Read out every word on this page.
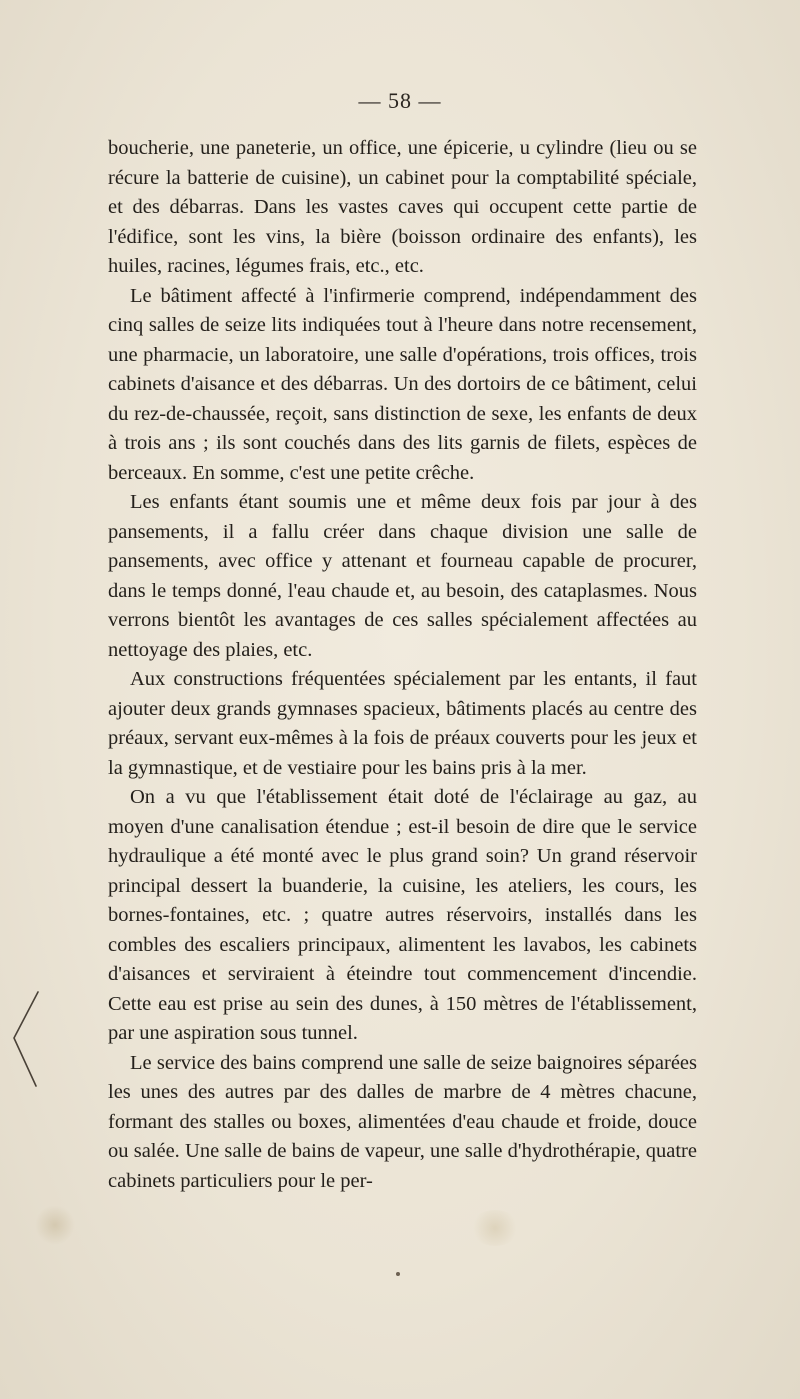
— 58 —

boucherie, une paneterie, un office, une épicerie, u cylindre (lieu ou se récure la batterie de cuisine), un cabinet pour la comptabilité spéciale, et des débarras. Dans les vastes caves qui occupent cette partie de l'édifice, sont les vins, la bière (boisson ordinaire des enfants), les huiles, racines, légumes frais, etc., etc.

Le bâtiment affecté à l'infirmerie comprend, indépendamment des cinq salles de seize lits indiquées tout à l'heure dans notre recensement, une pharmacie, un laboratoire, une salle d'opérations, trois offices, trois cabinets d'aisance et des débarras. Un des dortoirs de ce bâtiment, celui du rez-de-chaussée, reçoit, sans distinction de sexe, les enfants de deux à trois ans ; ils sont couchés dans des lits garnis de filets, espèces de berceaux. En somme, c'est une petite crêche.

Les enfants étant soumis une et même deux fois par jour à des pansements, il a fallu créer dans chaque division une salle de pansements, avec office y attenant et fourneau capable de procurer, dans le temps donné, l'eau chaude et, au besoin, des cataplasmes. Nous verrons bientôt les avantages de ces salles spécialement affectées au nettoyage des plaies, etc.

Aux constructions fréquentées spécialement par les entants, il faut ajouter deux grands gymnases spacieux, bâtiments placés au centre des préaux, servant eux-mêmes à la fois de préaux couverts pour les jeux et la gymnastique, et de vestiaire pour les bains pris à la mer.

On a vu que l'établissement était doté de l'éclairage au gaz, au moyen d'une canalisation étendue ; est-il besoin de dire que le service hydraulique a été monté avec le plus grand soin? Un grand réservoir principal dessert la buanderie, la cuisine, les ateliers, les cours, les bornes-fontaines, etc. ; quatre autres réservoirs, installés dans les combles des escaliers principaux, alimentent les lavabos, les cabinets d'aisances et serviraient à éteindre tout commencement d'incendie. Cette eau est prise au sein des dunes, à 150 mètres de l'établissement, par une aspiration sous tunnel.

Le service des bains comprend une salle de seize baignoires séparées les unes des autres par des dalles de marbre de 4 mètres chacune, formant des stalles ou boxes, alimentées d'eau chaude et froide, douce ou salée. Une salle de bains de vapeur, une salle d'hydrothérapie, quatre cabinets particuliers pour le per-
